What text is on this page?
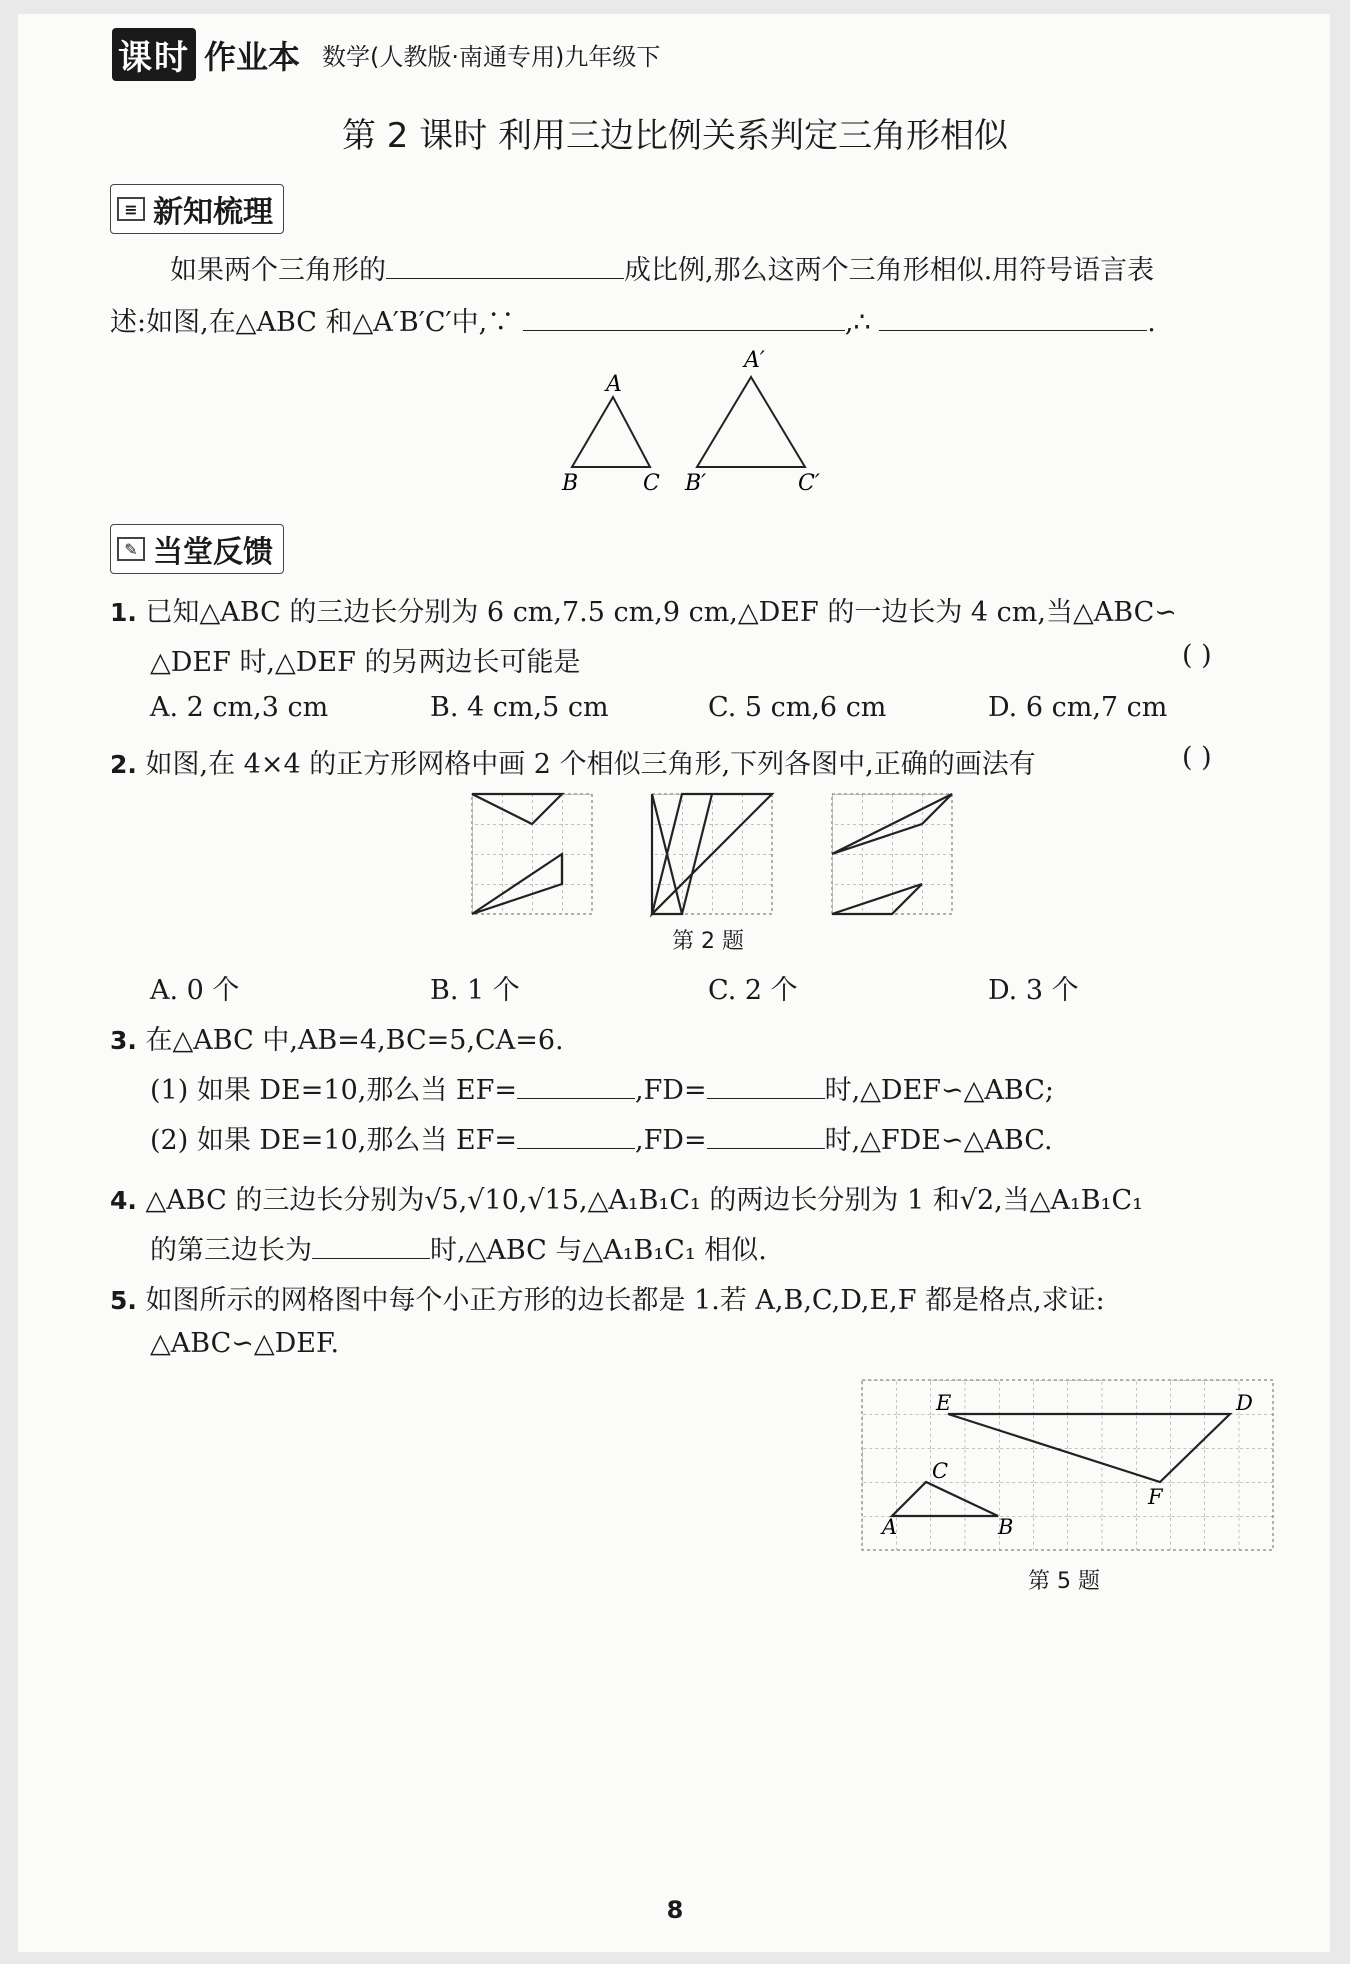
课时 作业本 数学(人教版·南通专用)九年级下
第 2 课时 利用三边比例关系判定三角形相似
≡ 新知梳理
如果两个三角形的	成比例,那么这两个三角形相似.用符号语言表
述:如图,在△ABC 和△A′B′C′中,∵	,∴	.
A
B	C
A′
B′	C′
✎ 当堂反馈
1. 已知△ABC 的三边长分别为 6 cm,7.5 cm,9 cm,△DEF 的一边长为 4 cm,当△ABC∽
△DEF 时,△DEF 的另两边长可能是	( )
A. 2 cm,3 cm	B. 4 cm,5 cm	C. 5 cm,6 cm	D. 6 cm,7 cm
2. 如图,在 4×4 的正方形网格中画 2 个相似三角形,下列各图中,正确的画法有	( )
第 2 题
A. 0 个	B. 1 个	C. 2 个	D. 3 个
3. 在△ABC 中,AB=4,BC=5,CA=6.
(1) 如果 DE=10,那么当 EF=	,FD=	时,△DEF∽△ABC;
(2) 如果 DE=10,那么当 EF=	,FD=	时,△FDE∽△ABC.
4. △ABC 的三边长分别为√5,√10,√15,△A₁B₁C₁ 的两边长分别为 1 和√2,当△A₁B₁C₁
的第三边长为	时,△ABC 与△A₁B₁C₁ 相似.
5. 如图所示的网格图中每个小正方形的边长都是 1.若 A,B,C,D,E,F 都是格点,求证:
△ABC∽△DEF.
A	B
C
D
E
F
第 5 题
8
